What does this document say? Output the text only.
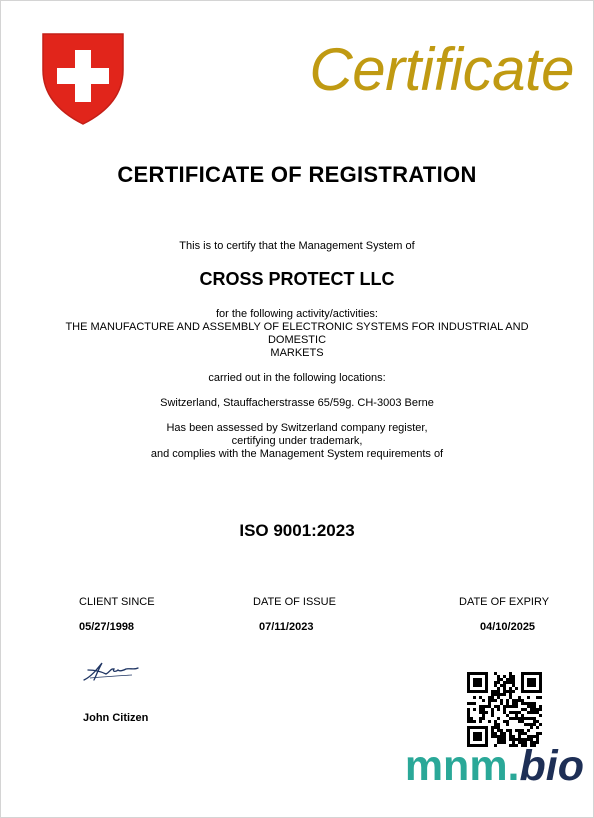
Certificate
CERTIFICATE OF REGISTRATION
This is to certify that the Management System of
CROSS PROTECT LLC
for the following activity/activities:
THE MANUFACTURE AND ASSEMBLY OF ELECTRONIC SYSTEMS FOR INDUSTRIAL AND
DOMESTIC
MARKETS
carried out in the following locations:
Switzerland, Stauffacherstrasse 65/59g. CH-3003 Berne
Has been assessed by Switzerland company register,
certifying under trademark,
and complies with the Management System requirements of
ISO 9001:2023
CLIENT SINCE
05/27/1998
DATE OF ISSUE
07/11/2023
DATE OF EXPIRY
04/10/2025
John Citizen
mnm.bio
